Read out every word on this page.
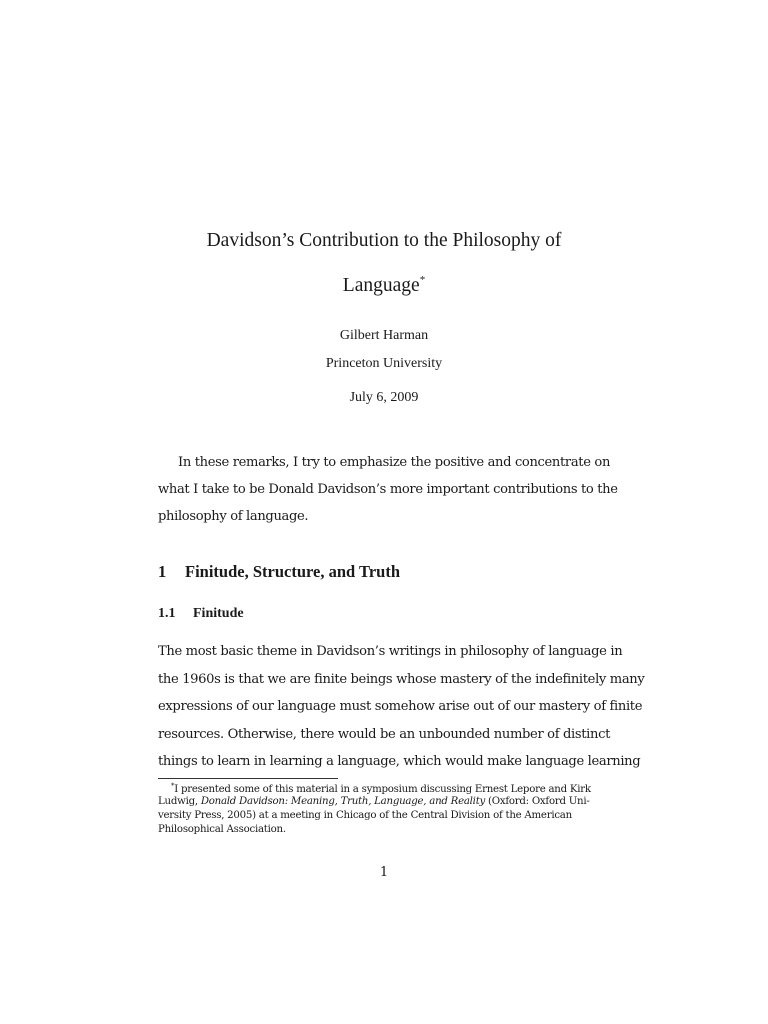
Davidson’s Contribution to the Philosophy of
Language*
Gilbert Harman
Princeton University
July 6, 2009
In these remarks, I try to emphasize the positive and concentrate on
what I take to be Donald Davidson’s more important contributions to the
philosophy of language.
1 Finitude, Structure, and Truth
1.1 Finitude
The most basic theme in Davidson’s writings in philosophy of language in
the 1960s is that we are finite beings whose mastery of the indefinitely many
expressions of our language must somehow arise out of our mastery of finite
resources. Otherwise, there would be an unbounded number of distinct
things to learn in learning a language, which would make language learning
*I presented some of this material in a symposium discussing Ernest Lepore and Kirk
Ludwig, Donald Davidson: Meaning, Truth, Language, and Reality (Oxford: Oxford Uni-
versity Press, 2005) at a meeting in Chicago of the Central Division of the American
Philosophical Association.
1
